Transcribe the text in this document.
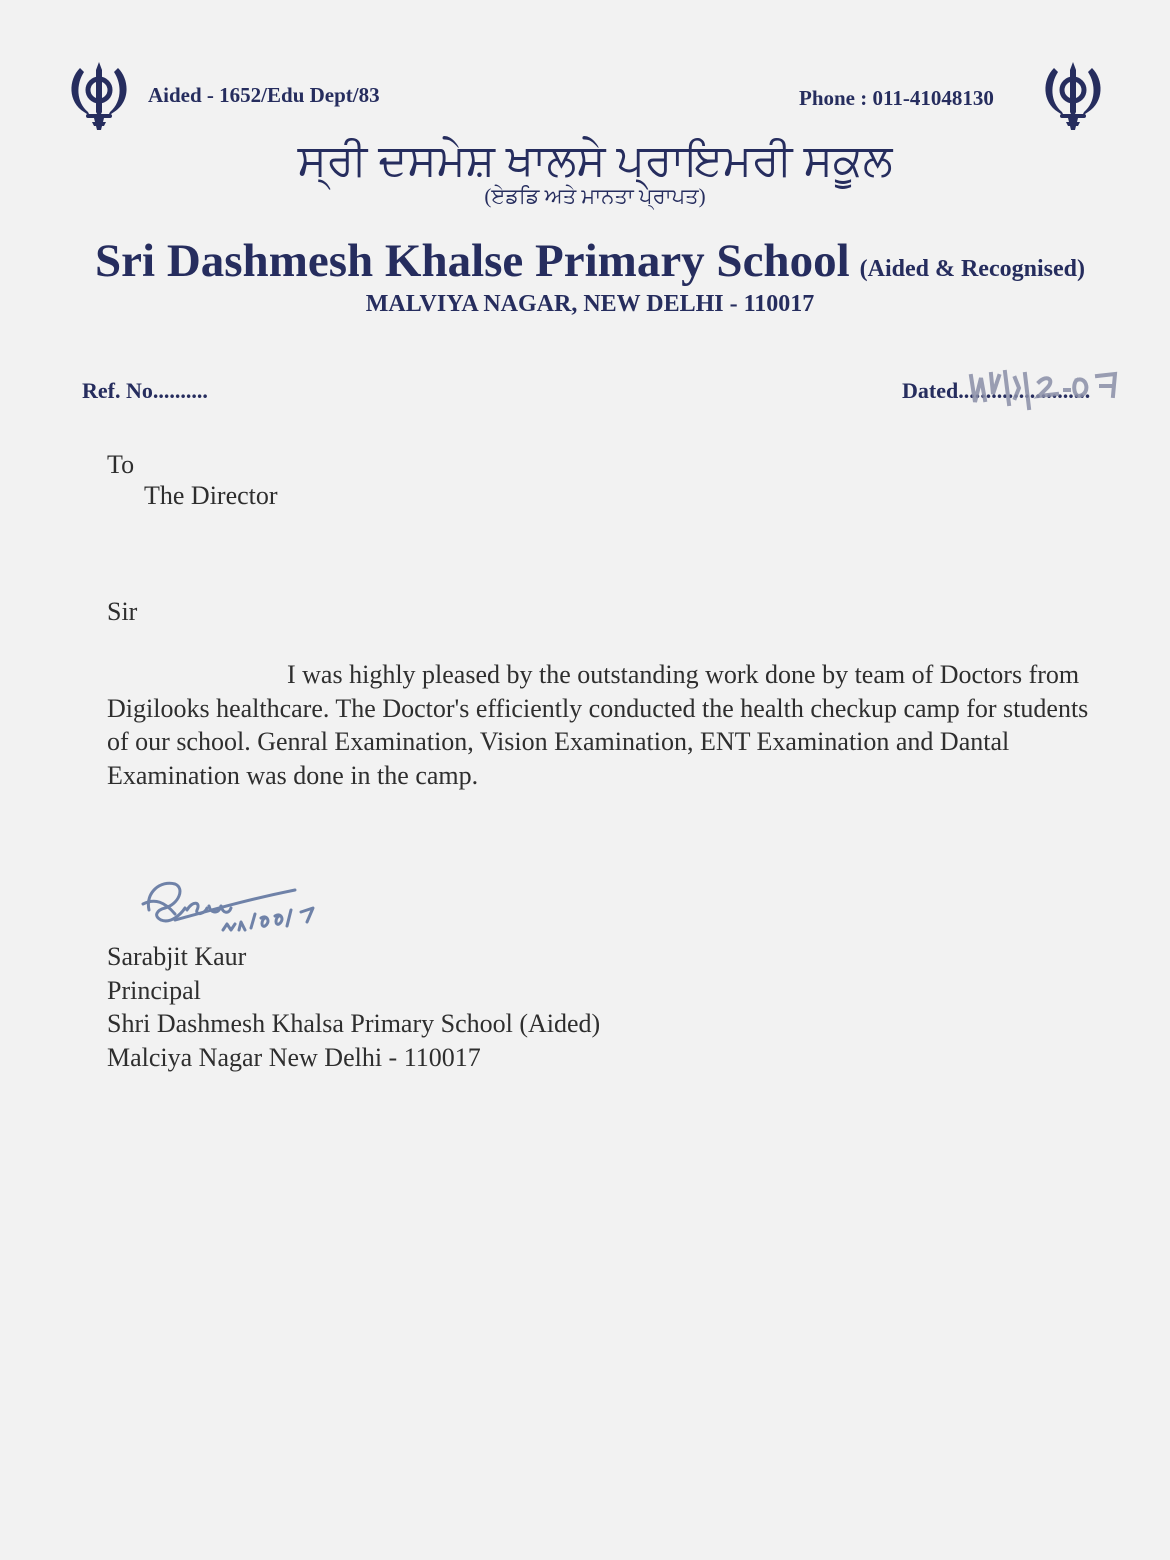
Aided - 1652/Edu Dept/83	Phone : 011-41048130
ਸ੍ਰੀ ਦਸਮੇਸ਼ ਖਾਲਸੇ ਪ੍ਰਾਇਮਰੀ ਸਕੂਲ
(ਏਡਡਿ ਅਤੇ ਮਾਨਤਾ ਪ੍ਰਾਪਤ)
Sri Dashmesh Khalse Primary School (Aided & Recognised)
MALVIYA NAGAR, NEW DELHI - 110017
Ref. No..........	Dated........................
To
The Director
Sir

I was highly pleased by the outstanding work done by team of Doctors from Digilooks healthcare. The Doctor's efficiently conducted the health checkup camp for students of our school. Genral Examination, Vision Examination, ENT Examination and Dantal Examination was done in the camp.

Sarabjit Kaur
Principal
Shri Dashmesh Khalsa Primary School (Aided)
Malciya Nagar New Delhi - 110017
